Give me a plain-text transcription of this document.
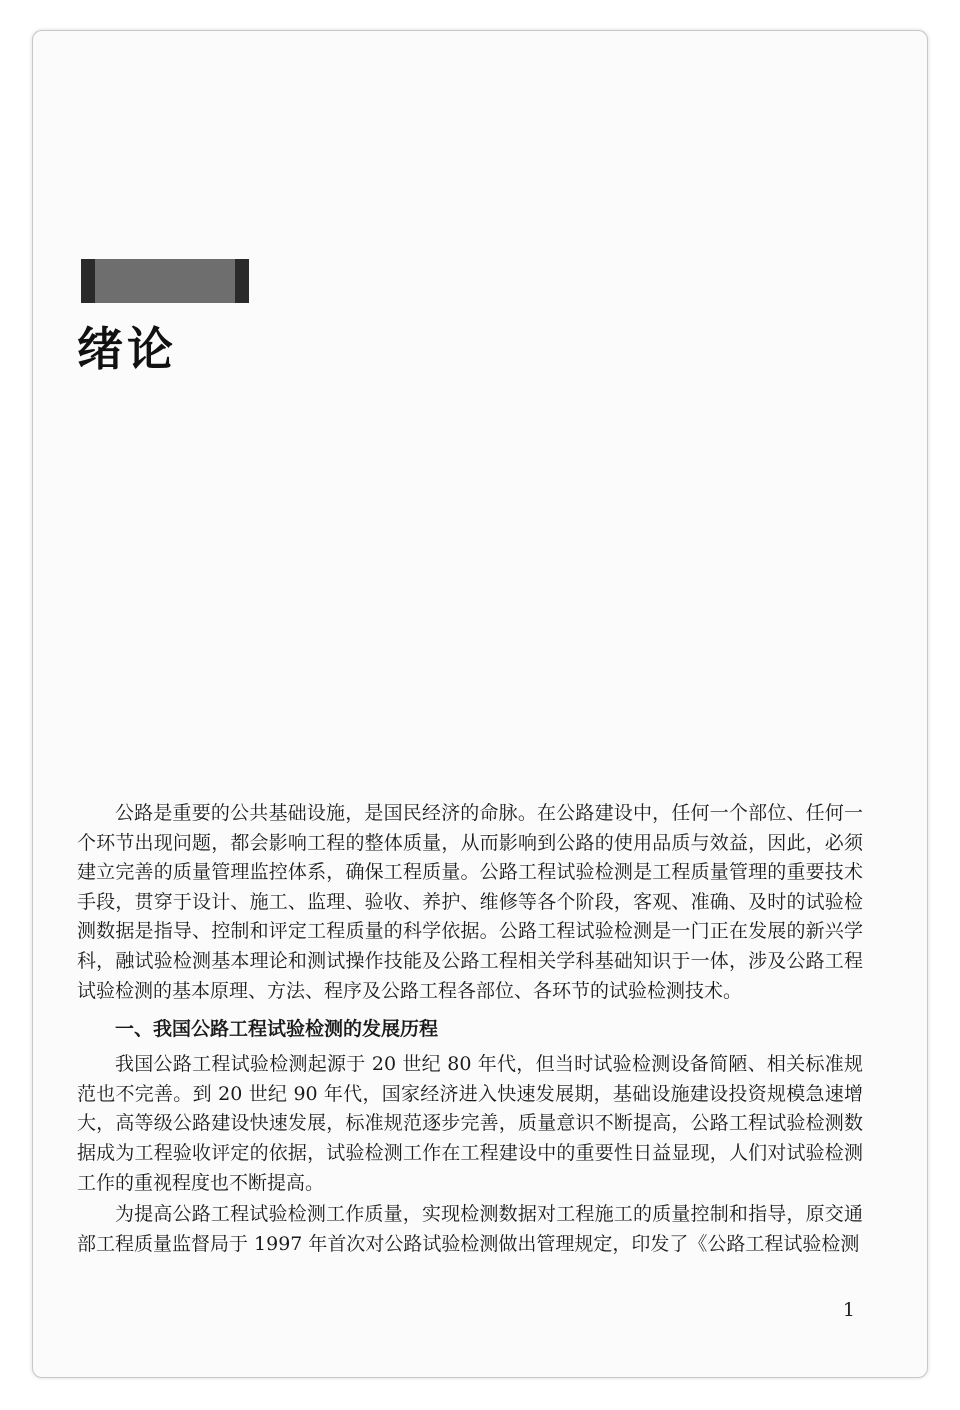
绪论

公路是重要的公共基础设施，是国民经济的命脉。在公路建设中，任何一个部位、任何一个环节出现问题，都会影响工程的整体质量，从而影响到公路的使用品质与效益，因此，必须建立完善的质量管理监控体系，确保工程质量。公路工程试验检测是工程质量管理的重要技术手段，贯穿于设计、施工、监理、验收、养护、维修等各个阶段，客观、准确、及时的试验检测数据是指导、控制和评定工程质量的科学依据。公路工程试验检测是一门正在发展的新兴学科，融试验检测基本理论和测试操作技能及公路工程相关学科基础知识于一体，涉及公路工程试验检测的基本原理、方法、程序及公路工程各部位、各环节的试验检测技术。

一、我国公路工程试验检测的发展历程

我国公路工程试验检测起源于 20 世纪 80 年代，但当时试验检测设备简陋、相关标准规范也不完善。到 20 世纪 90 年代，国家经济进入快速发展期，基础设施建设投资规模急速增大，高等级公路建设快速发展，标准规范逐步完善，质量意识不断提高，公路工程试验检测数据成为工程验收评定的依据，试验检测工作在工程建设中的重要性日益显现，人们对试验检测工作的重视程度也不断提高。

为提高公路工程试验检测工作质量，实现检测数据对工程施工的质量控制和指导，原交通部工程质量监督局于 1997 年首次对公路试验检测做出管理规定，印发了《公路工程试验检测

1
